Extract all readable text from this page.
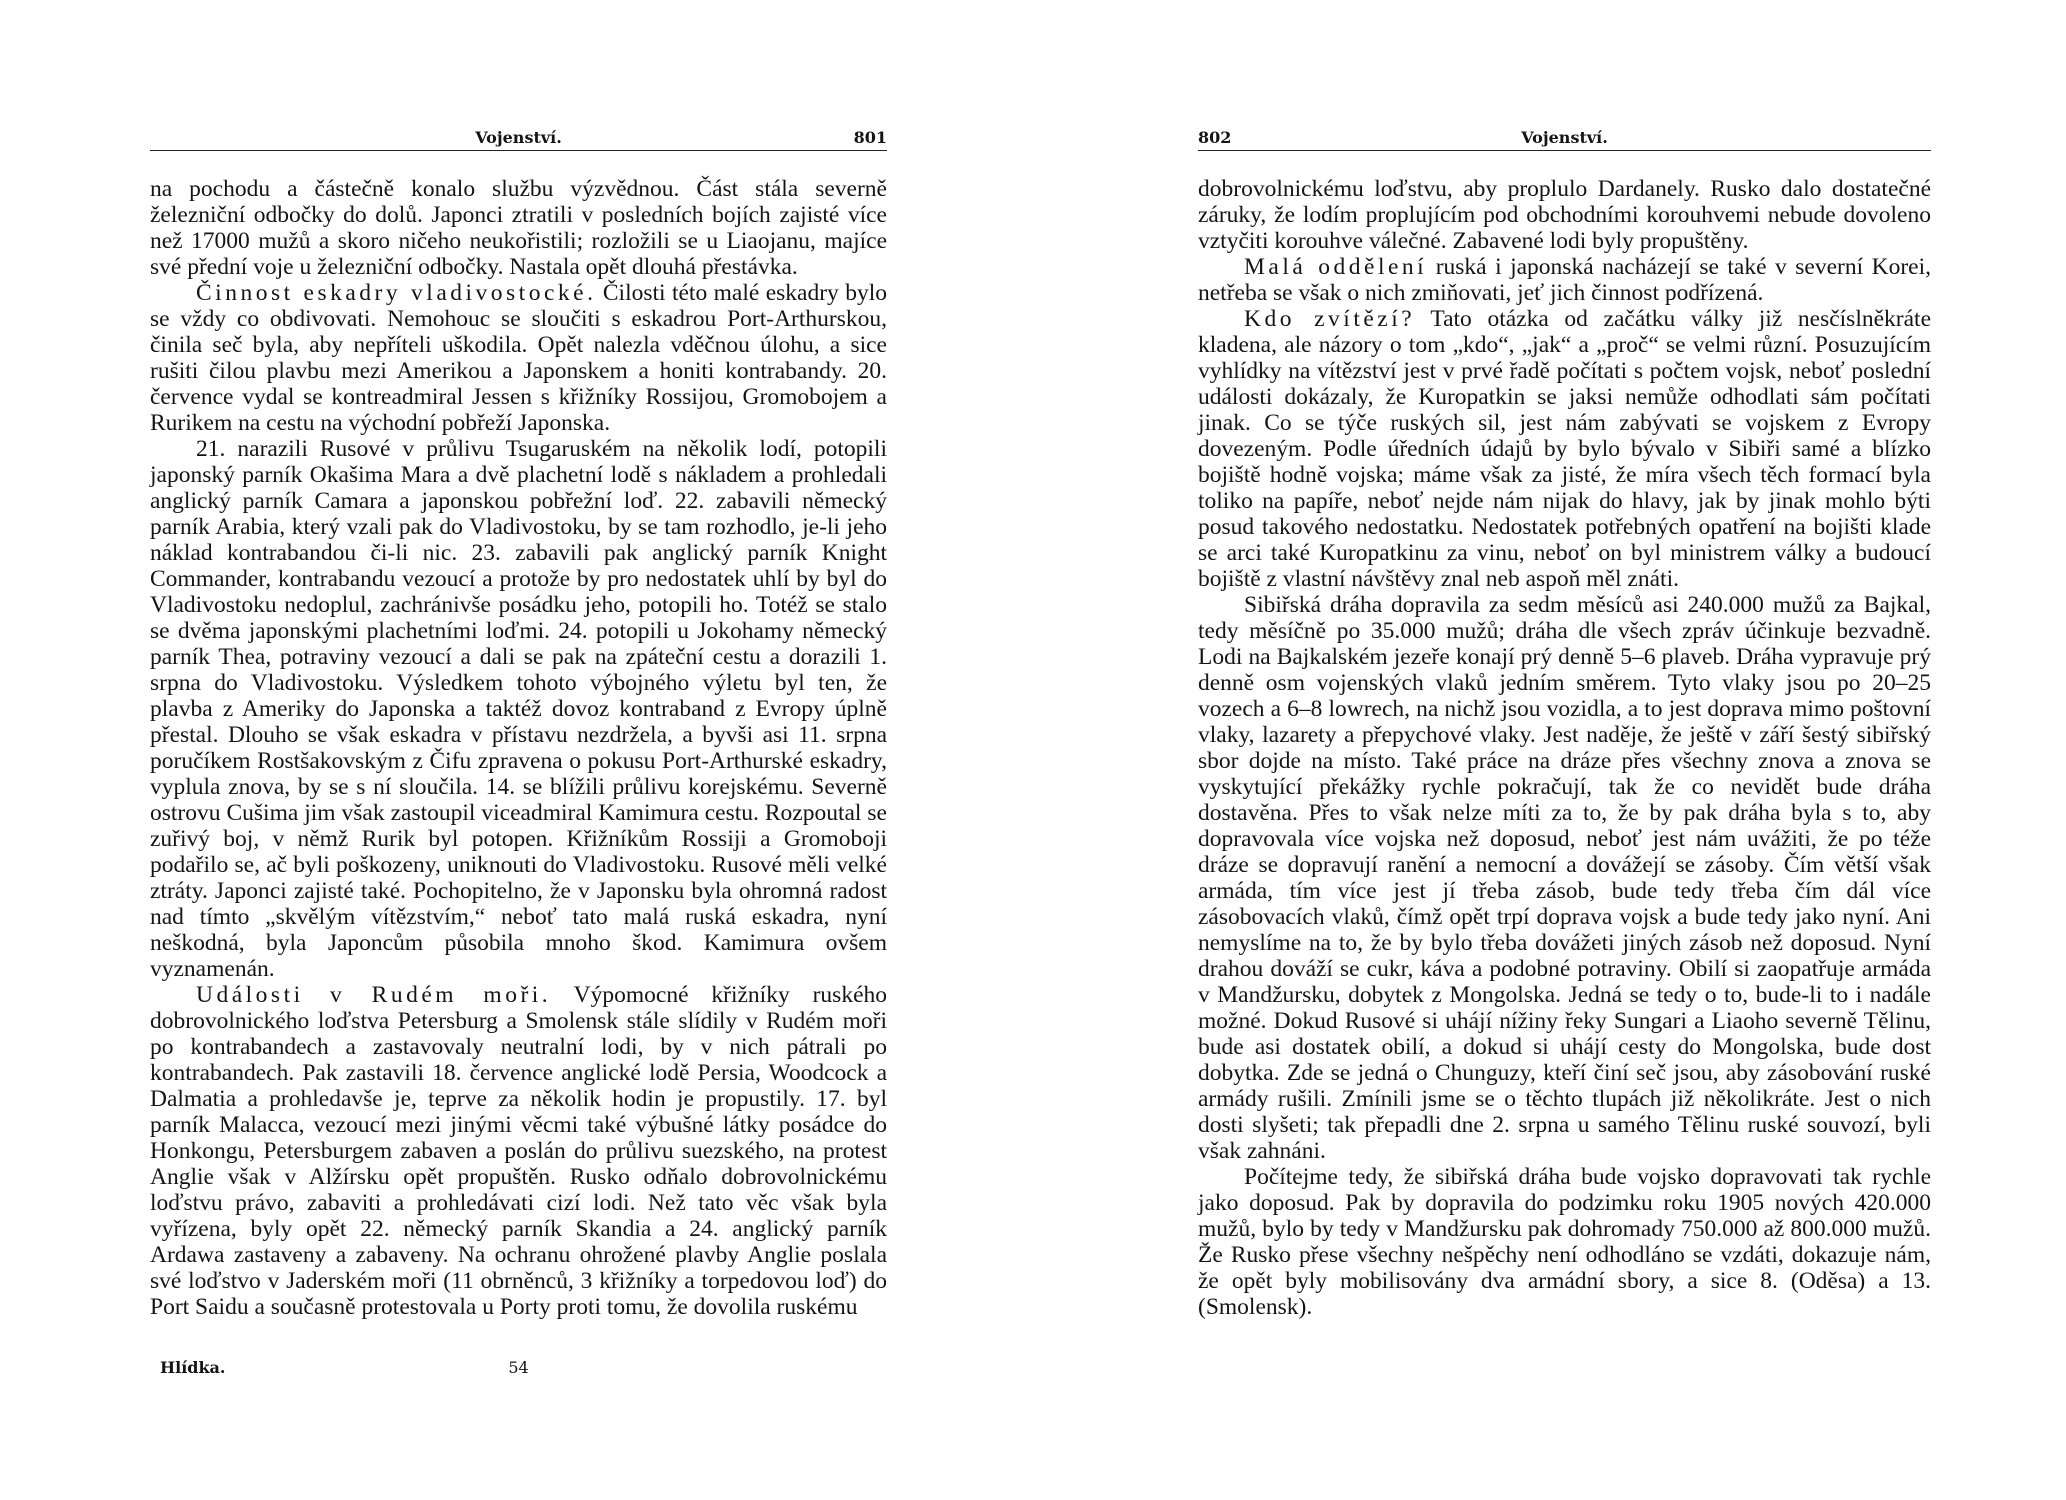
Vojenství.	801

na pochodu a částečně konalo službu výzvědnou. Část stála severně železniční odbočky do dolů. Japonci ztratili v posledních bojích zajisté více než 17000 mužů a skoro ničeho neukořistili; rozložili se u Liaojanu, majíce své přední voje u železniční odbočky. Nastala opět dlouhá přestávka.

Činnost eskadry vladivostocké. Čilosti této malé eskadry bylo se vždy co obdivovati. Nemohouc se sloučiti s eskadrou Port-Arthurskou, činila seč byla, aby nepříteli uškodila. Opět nalezla vděčnou úlohu, a sice rušiti čilou plavbu mezi Amerikou a Japonskem a honiti kontrabandy. 20. července vydal se kontreadmiral Jessen s křižníky Rossijou, Gromobojem a Rurikem na cestu na východní pobřeží Japonska.

21. narazili Rusové v průlivu Tsugaruském na několik lodí, potopili japonský parník Okašima Mara a dvě plachetní lodě s nákladem a prohledali anglický parník Camara a japonskou pobřežní loď. 22. zabavili německý parník Arabia, který vzali pak do Vladivostoku, by se tam rozhodlo, je-li jeho náklad kontrabandou či-li nic. 23. zabavili pak anglický parník Knight Commander, kontrabandu vezoucí a protože by pro nedostatek uhlí by byl do Vladivostoku nedoplul, zachránivše posádku jeho, potopili ho. Totéž se stalo se dvěma japonskými plachetními loďmi. 24. potopili u Jokohamy německý parník Thea, potraviny vezoucí a dali se pak na zpáteční cestu a dorazili 1. srpna do Vladivostoku. Výsledkem tohoto výbojného výletu byl ten, že plavba z Ameriky do Japonska a taktéž dovoz kontraband z Evropy úplně přestal. Dlouho se však eskadra v přístavu nezdržela, a byvši asi 11. srpna poručíkem Rostšakovským z Čifu zpravena o pokusu Port-Arthurské eskadry, vyplula znova, by se s ní sloučila. 14. se blížili průlivu korejskému. Severně ostrovu Cušima jim však zastoupil viceadmiral Kamimura cestu. Rozpoutal se zuřivý boj, v němž Rurik byl potopen. Křižníkům Rossiji a Gromoboji podařilo se, ač byli poškozeny, uniknouti do Vladivostoku. Rusové měli velké ztráty. Japonci zajisté také. Pochopitelno, že v Japonsku byla ohromná radost nad tímto „skvělým vítězstvím,“ neboť tato malá ruská eskadra, nyní neškodná, byla Japoncům působila mnoho škod. Kamimura ovšem vyznamenán.

Události v Rudém moři. Výpomocné křižníky ruského dobrovolnického loďstva Petersburg a Smolensk stále slídily v Rudém moři po kontrabandech a zastavovaly neutralní lodi, by v nich pátrali po kontrabandech. Pak zastavili 18. července anglické lodě Persia, Woodcock a Dalmatia a prohledavše je, teprve za několik hodin je propustily. 17. byl parník Malacca, vezoucí mezi jinými věcmi také výbušné látky posádce do Honkongu, Petersburgem zabaven a poslán do průlivu suezského, na protest Anglie však v Alžírsku opět propuštěn. Rusko odňalo dobrovolnickému loďstvu právo, zabaviti a prohledávati cizí lodi. Než tato věc však byla vyřízena, byly opět 22. německý parník Skandia a 24. anglický parník Ardawa zastaveny a zabaveny. Na ochranu ohrožené plavby Anglie poslala své loďstvo v Jaderském moři (11 obrněnců, 3 křižníky a torpedovou loď) do Port Saidu a současně protestovala u Porty proti tomu, že dovolila ruskému

Hlídka.	54
802	Vojenství.

dobrovolnickému loďstvu, aby proplulo Dardanely. Rusko dalo dostatečné záruky, že lodím proplujícím pod obchodními korouhvemi nebude dovoleno vztyčiti korouhve válečné. Zabavené lodi byly propuštěny.

Malá oddělení ruská i japonská nacházejí se také v severní Korei, netřeba se však o nich zmiňovati, jeť jich činnost podřízená.

Kdo zvítězí? Tato otázka od začátku války již nesčíslněkráte kladena, ale názory o tom „kdo“, „jak“ a „proč“ se velmi různí. Posuzujícím vyhlídky na vítězství jest v prvé řadě počítati s počtem vojsk, neboť poslední události dokázaly, že Kuropatkin se jaksi nemůže odhodlati sám počítati jinak. Co se týče ruských sil, jest nám zabývati se vojskem z Evropy dovezeným. Podle úředních údajů by bylo bývalo v Sibiři samé a blízko bojiště hodně vojska; máme však za jisté, že míra všech těch formací byla toliko na papíře, neboť nejde nám nijak do hlavy, jak by jinak mohlo býti posud takového nedostatku. Nedostatek potřebných opatření na bojišti klade se arci také Kuropatkinu za vinu, neboť on byl ministrem války a budoucí bojiště z vlastní návštěvy znal neb aspoň měl znáti.

Sibiřská dráha dopravila za sedm měsíců asi 240.000 mužů za Bajkal, tedy měsíčně po 35.000 mužů; dráha dle všech zpráv účinkuje bezvadně. Lodi na Bajkalském jezeře konají prý denně 5–6 plaveb. Dráha vypravuje prý denně osm vojenských vlaků jedním směrem. Tyto vlaky jsou po 20–25 vozech a 6–8 lowrech, na nichž jsou vozidla, a to jest doprava mimo poštovní vlaky, lazarety a přepychové vlaky. Jest naděje, že ještě v září šestý sibiřský sbor dojde na místo. Také práce na dráze přes všechny znova a znova se vyskytující překážky rychle pokračují, tak že co nevidět bude dráha dostavěna. Přes to však nelze míti za to, že by pak dráha byla s to, aby dopravovala více vojska než doposud, neboť jest nám uvážiti, že po téže dráze se dopravují ranění a nemocní a dovážejí se zásoby. Čím větší však armáda, tím více jest jí třeba zásob, bude tedy třeba čím dál více zásobovacích vlaků, čímž opět trpí doprava vojsk a bude tedy jako nyní. Ani nemyslíme na to, že by bylo třeba dovážeti jiných zásob než doposud. Nyní drahou dováží se cukr, káva a podobné potraviny. Obilí si zaopatřuje armáda v Mandžursku, dobytek z Mongolska. Jedná se tedy o to, bude-li to i nadále možné. Dokud Rusové si uhájí nížiny řeky Sungari a Liaoho severně Tělinu, bude asi dostatek obilí, a dokud si uhájí cesty do Mongolska, bude dost dobytka. Zde se jedná o Chunguzy, kteří činí seč jsou, aby zásobování ruské armády rušili. Zmínili jsme se o těchto tlupách již několikráte. Jest o nich dosti slyšeti; tak přepadli dne 2. srpna u samého Tělinu ruské souvozí, byli však zahnáni.

Počítejme tedy, že sibiřská dráha bude vojsko dopravovati tak rychle jako doposud. Pak by dopravila do podzimku roku 1905 nových 420.000 mužů, bylo by tedy v Mandžursku pak dohromady 750.000 až 800.000 mužů. Že Rusko přese všechny nešpěchy není odhodláno se vzdáti, dokazuje nám, že opět byly mobilisovány dva armádní sbory, a sice 8. (Oděsa) a 13. (Smolensk).
